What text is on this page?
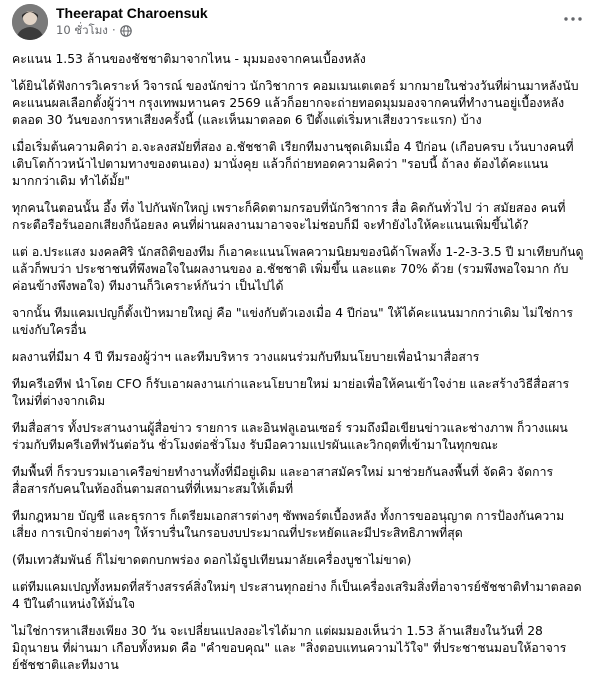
Theerapat Charoensuk
10 ชั่วโมง ·

คะแนน 1.53 ล้านของชัชชาติมาจากไหน - มุมมองจากคนเบื้องหลัง

ได้ยินได้ฟังการวิเคราะห์ วิจารณ์ ของนักข่าว นักวิชาการ คอมเมนเตเตอร์ มากมายในช่วงวันที่ผ่านมาหลังนับคะแนนผลเลือกตั้งผู้ว่าฯ กรุงเทพมหานคร 2569 แล้วก็อยากจะถ่ายทอดมุมมองจากคนที่ทำงานอยู่เบื้องหลังตลอด 30 วันของการหาเสียงครั้งนี้ (และเห็นมาตลอด 6 ปีตั้งแต่เริ่มหาเสียงวาระแรก) บ้าง

เมื่อเริ่มต้นความคิดว่า อ.จะลงสมัยที่สอง อ.ชัชชาติ เรียกทีมงานชุดเดิมเมื่อ 4 ปีก่อน (เกือบครบ เว้นบางคนที่เติบโตก้าวหน้าไปตามทางของตนเอง) มานั่งคุย แล้วก็ถ่ายทอดความคิดว่า "รอบนี้ ถ้าลง ต้องได้คะแนนมากกว่าเดิม ทำได้มั้ย"

ทุกคนในตอนนั้น อึ้ง ทึ่ง ไปกันพักใหญ่ เพราะก็คิดตามกรอบที่นักวิชาการ สื่อ คิดกันทั่วไป ว่า สมัยสอง คนที่กระตือรือร้นออกเสียงก็น้อยลง คนที่ผ่านผลงานมาอาจจะไม่ชอบก็มี จะทำยังไงให้คะแนนเพิ่มขึ้นได้?

แต่ อ.ประแสง มงคลศิริ นักสถิติของทีม ก็เอาคะแนนโพลความนิยมของนิด้าโพลทั้ง 1-2-3-3.5 ปี มาเทียบกันดู แล้วก็พบว่า ประชาชนที่พึงพอใจในผลงานของ อ.ชัชชาติ เพิ่มขึ้น และแตะ 70% ด้วย (รวมพึงพอใจมาก กับค่อนข้างพึงพอใจ) ทีมงานก็วิเคราะห์กันว่า เป็นไปได้

จากนั้น ทีมแคมเปญก็ตั้งเป้าหมายใหญ่ คือ "แข่งกับตัวเองเมื่อ 4 ปีก่อน" ให้ได้คะแนนมากกว่าเดิม ไม่ใช่การแข่งกับใครอื่น

ผลงานที่มีมา 4 ปี ทีมรองผู้ว่าฯ และทีมบริหาร วางแผนร่วมกับทีมนโยบายเพื่อนำมาสื่อสาร

ทีมครีเอทีฟ นำโดย CFO ก็รับเอาผลงานเก่าและนโยบายใหม่ มาย่อเพื่อให้คนเข้าใจง่าย และสร้างวิธีสื่อสารใหม่ที่ต่างจากเดิม

ทีมสื่อสาร ทั้งประสานงานผู้สื่อข่าว รายการ และอินฟลูเอนเซอร์ รวมถึงมือเขียนข่าวและช่างภาพ ก็วางแผนร่วมกับทีมครีเอทีฟวันต่อวัน ชั่วโมงต่อชั่วโมง รับมือความแปรผันและวิกฤตที่เข้ามาในทุกขณะ

ทีมพื้นที่ ก็รวบรวมเอาเครือข่ายทำงานทั้งที่มีอยู่เดิม และอาสาสมัครใหม่ มาช่วยกันลงพื้นที่ จัดคิว จัดการสื่อสารกับคนในท้องถิ่นตามสถานที่ที่เหมาะสมให้เต็มที่

ทีมกฎหมาย บัญชี และธุรการ ก็เตรียมเอกสารต่างๆ ซัพพอร์ตเบื้องหลัง ทั้งการขออนุญาต การป้องกันความเสี่ยง การเบิกจ่ายต่างๆ ให้ราบรื่นในกรอบงบประมาณที่ประหยัดและมีประสิทธิภาพที่สุด

(ทีมเทวสัมพันธ์ ก็ไม่ขาดตกบกพร่อง ดอกไม้ธูปเทียนมาลัยเครื่องบูชาไม่ขาด)

แต่ทีมแคมเปญทั้งหมดที่สร้างสรรค์สิ่งใหม่ๆ ประสานทุกอย่าง ก็เป็นเครื่องเสริมสิ่งที่อาจารย์ชัชชาติทำมาตลอด 4 ปีในตำแหน่งให้มั่นใจ

ไม่ใช่การหาเสียงเพียง 30 วัน จะเปลี่ยนแปลงอะไรได้มาก แต่ผมมองเห็นว่า 1.53 ล้านเสียงในวันที่ 28 มิถุนายน ที่ผ่านมา เกือบทั้งหมด คือ "คำขอบคุณ" และ "สิ่งตอบแทนความไว้ใจ" ที่ประชาชนมอบให้อาจารย์ชัชชาติและทีมงาน
